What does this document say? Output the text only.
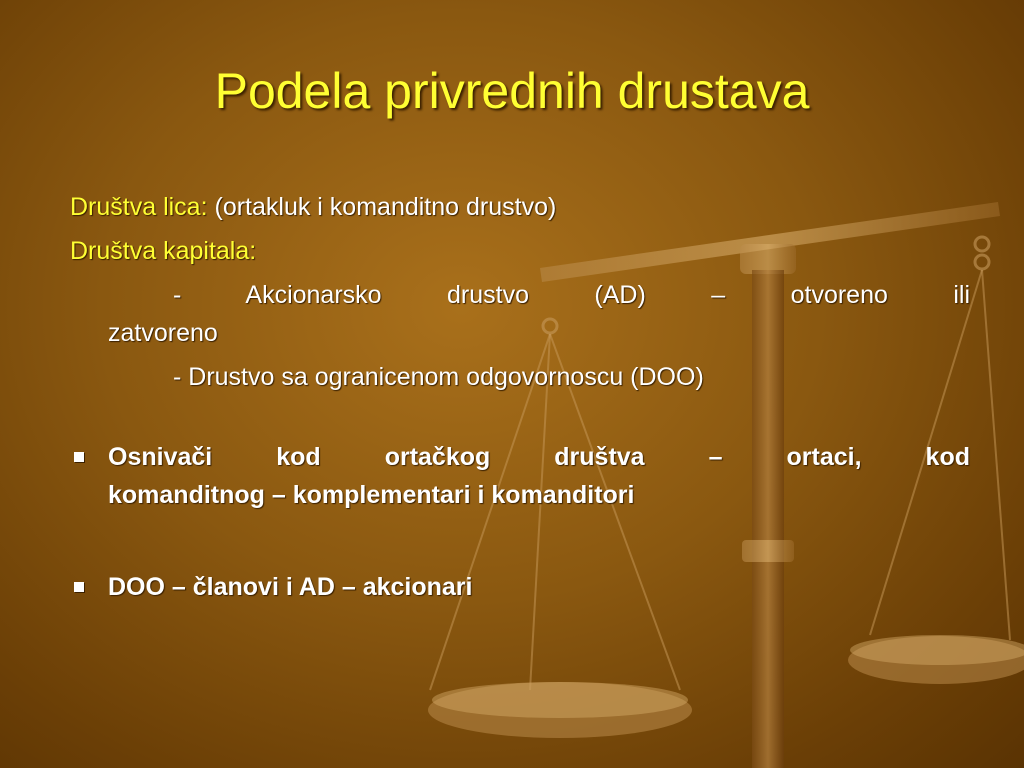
Podela privrednih drustava
Društva lica: (ortakluk i komanditno drustvo)
Društva kapitala:
- Akcionarsko drustvo (AD) – otvoreno ili
zatvoreno
- Drustvo sa ogranicenom odgovornoscu (DOO)
Osnivači kod ortačkog društva – ortaci, kod
komanditnog – komplementari i komanditori
DOO – članovi i AD – akcionari
